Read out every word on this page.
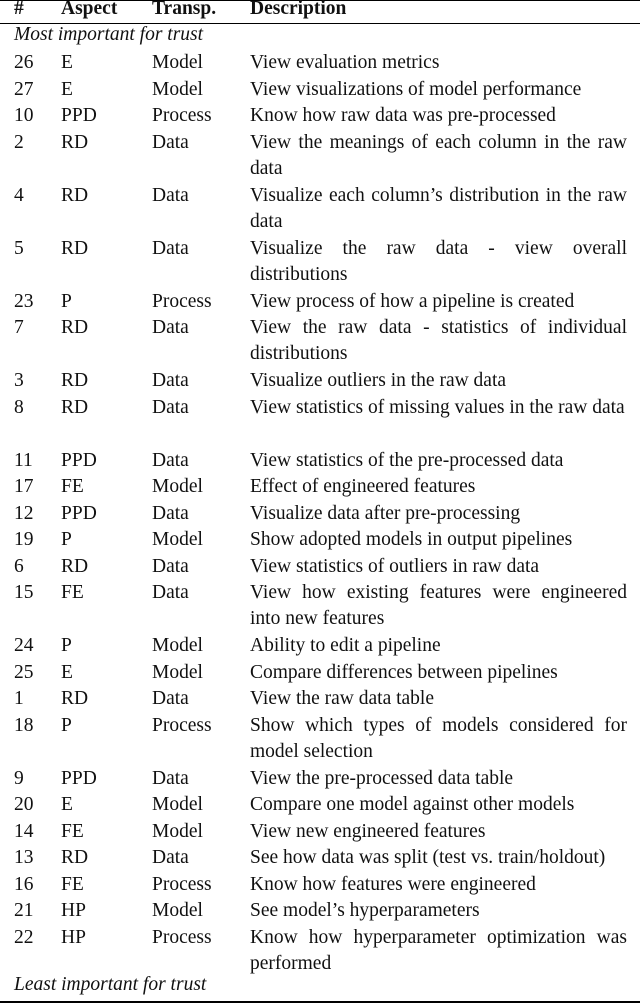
# Aspect Transp. Description
Most important for trust
26 E	Model View evaluation metrics
27 E	Model View visualizations of model performance
10 PPD	Process Know how raw data was pre-processed
2 RD	Data	View the meanings of each column in the raw data
4 RD	Data	Visualize each column’s distribution in the raw data
5 RD	Data	Visualize the raw data - view overall distributions
23 P	Process View process of how a pipeline is created
7 RD	Data	View the raw data - statistics of individual distributions
3 RD	Data	Visualize outliers in the raw data
8 RD	Data	View statistics of missing values in the raw data
11 PPD	Data	View statistics of the pre-processed data
17 FE	Model Effect of engineered features
12 PPD	Data	Visualize data after pre-processing
19 P	Model Show adopted models in output pipelines
6 RD	Data	View statistics of outliers in raw data
15 FE	Data	View how existing features were engineered into new features
24 P	Model Ability to edit a pipeline
25 E	Model Compare differences between pipelines
1 RD	Data	View the raw data table
18 P	Process Show which types of models considered for model selection
9 PPD	Data	View the pre-processed data table
20 E	Model Compare one model against other models
14 FE	Model View new engineered features
13 RD	Data	See how data was split (test vs. train/holdout)
16 FE	Process Know how features were engineered
21 HP	Model See model’s hyperparameters
22 HP	Process Know how hyperparameter optimization was performed
Least important for trust
